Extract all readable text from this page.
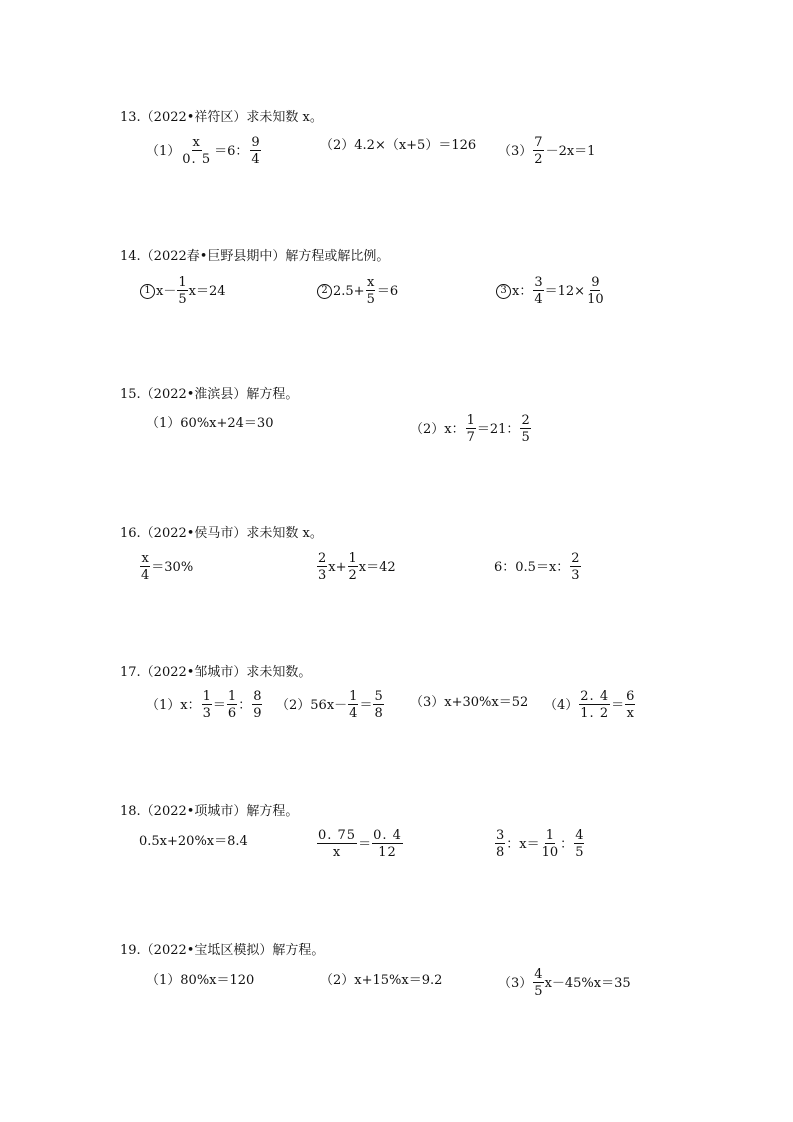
13.（2022•祥符区）求未知数 x。
$(1) \frac{x}{0. 5} =6$： $\frac{9}{4}$	（2）4.2×（x+5）＝126 $(3) \frac{7}{2} -2x=1$
14.（2022春•巨野县期中）解方程或解比例。
1 $x- \frac{1}{5} x=24$	2 $2.5+ \frac{x}{5} =6$	3 x： $\frac{3}{4} =12\times \frac{9}{10}$
15.（2022•淮滨县）解方程。
（1）60%x+24＝30	（2）x： $\frac{1}{7} =21$： $\frac{2}{5}$
16.（2022•侯马市）求未知数 x。
$\frac{x}{4} =30\%$	$\frac{2}{3} x+ \frac{1}{2} x=42$	6：0.5＝x： $\frac{2}{3}$
17.（2022•邹城市）求未知数。
（1）x： $\frac{1}{3} = \frac{1}{6}$ ： $\frac{8}{9} (2)56x- \frac{1}{4} = \frac{5}{8} (3)x+30\%x=52$ $(4) \frac{2. 4}{1. 2} = \frac{6}{x}$
18.（2022•项城市）解方程。
0.5x+20%x＝8.4	$\frac{0. 75}{x} = \frac{0. 4}{12}$	$\frac{3}{8}$ ：$x= \frac{1}{10}$ ： $\frac{4}{5}$
19.（2022•宝坻区模拟）解方程。
（1）80%x＝120	（2）x+15%x＝9.2	$(3) \frac{4}{5} x-45\%x=35$
